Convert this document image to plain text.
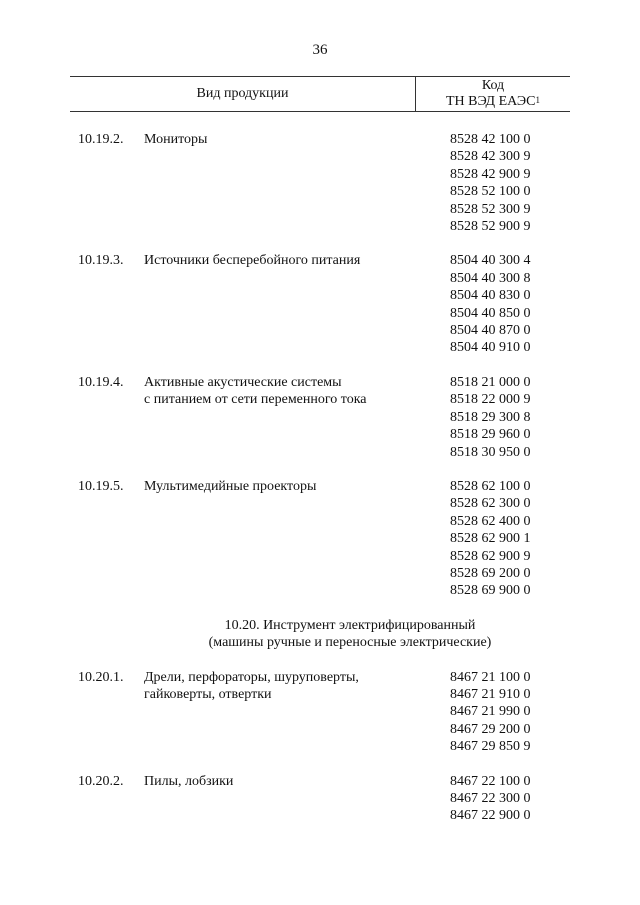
36
Вид продукции	Код
ТН ВЭД ЕАЭС$^1$
10.19.2.	Мониторы	8528 42 100 0
8528 42 300 9
8528 42 900 9
8528 52 100 0
8528 52 300 9
8528 52 900 9
10.19.3.	Источники бесперебойного питания	8504 40 300 4
8504 40 300 8
8504 40 830 0
8504 40 850 0
8504 40 870 0
8504 40 910 0
10.19.4.	Активные акустические системы
с питанием от сети переменного тока
8518 21 000 0
8518 22 000 9
8518 29 300 8
8518 29 960 0
8518 30 950 0
10.19.5.	Мультимедийные проекторы	8528 62 100 0
8528 62 300 0
8528 62 400 0
8528 62 900 1
8528 62 900 9
8528 69 200 0
8528 69 900 0
10.20. Инструмент электрифицированный
(машины ручные и переносные электрические)
10.20.1.	Дрели, перфораторы, шуруповерты,
гайковерты, отвертки
8467 21 100 0
8467 21 910 0
8467 21 990 0
8467 29 200 0
8467 29 850 9
10.20.2.	Пилы, лобзики	8467 22 100 0
8467 22 300 0
8467 22 900 0
